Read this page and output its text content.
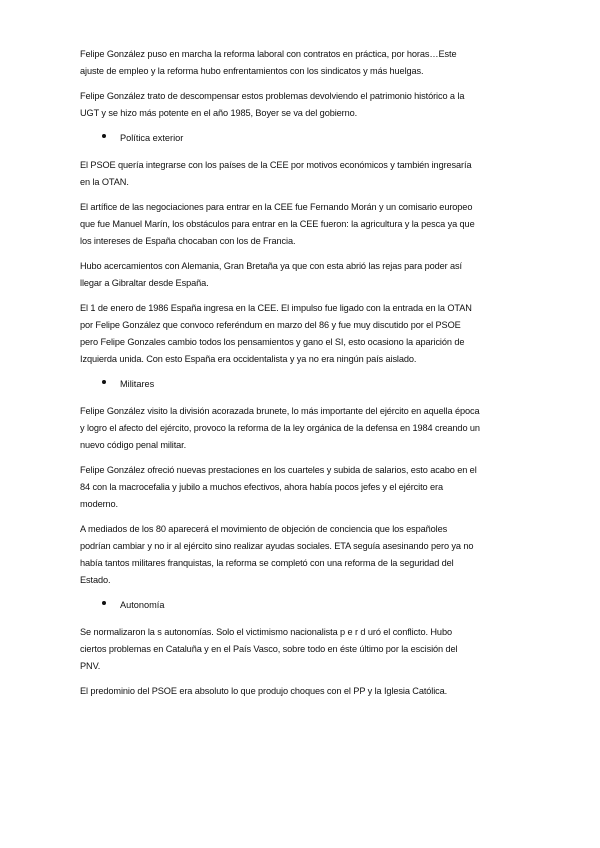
Felipe González puso en marcha la reforma laboral con contratos en práctica, por horas…Este ajuste de empleo y la reforma hubo enfrentamientos con los sindicatos y más huelgas.

Felipe González trato de descompensar estos problemas devolviendo el patrimonio histórico a la UGT y se hizo más potente en el año 1985, Boyer se va del gobierno.

Política exterior

El PSOE quería integrarse con los países de la CEE por motivos económicos y también ingresaría en la OTAN.

El artífice de las negociaciones para entrar en la CEE fue Fernando Morán y un comisario europeo que fue Manuel Marín, los obstáculos para entrar en la CEE fueron: la agricultura y la pesca ya que los intereses de España chocaban con los de Francia.

Hubo acercamientos con Alemania, Gran Bretaña ya que con esta abrió las rejas para poder así llegar a Gibraltar desde España.

El 1 de enero de 1986 España ingresa en la CEE. El impulso fue ligado con la entrada en la OTAN por Felipe González que convoco referéndum en marzo del 86 y fue muy discutido por el PSOE pero Felipe Gonzales cambio todos los pensamientos y gano el SI, esto ocasiono la aparición de Izquierda unida. Con esto España era occidentalista y ya no era ningún país aislado.

Militares

Felipe González visito la división acorazada brunete, lo más importante del ejército en aquella época y logro el afecto del ejército, provoco la reforma de la ley orgánica de la defensa en 1984 creando un nuevo código penal militar.

Felipe González ofreció nuevas prestaciones en los cuarteles y subida de salarios, esto acabo en el 84 con la macrocefalia y jubilo a muchos efectivos, ahora había pocos jefes y el ejército era moderno.

A mediados de los 80 aparecerá el movimiento de objeción de conciencia que los españoles podrían cambiar y no ir al ejército sino realizar ayudas sociales. ETA seguía asesinando pero ya no había tantos militares franquistas, la reforma se completó con una reforma de la seguridad del Estado.

Autonomía

Se normalizaron la s autonomías. Solo el victimismo nacionalista p e r d uró el conflicto. Hubo ciertos problemas en Cataluña y en el País Vasco, sobre todo en éste último por la escisión del PNV.

El predominio del PSOE era absoluto lo que produjo choques con el PP y la Iglesia Católica.
